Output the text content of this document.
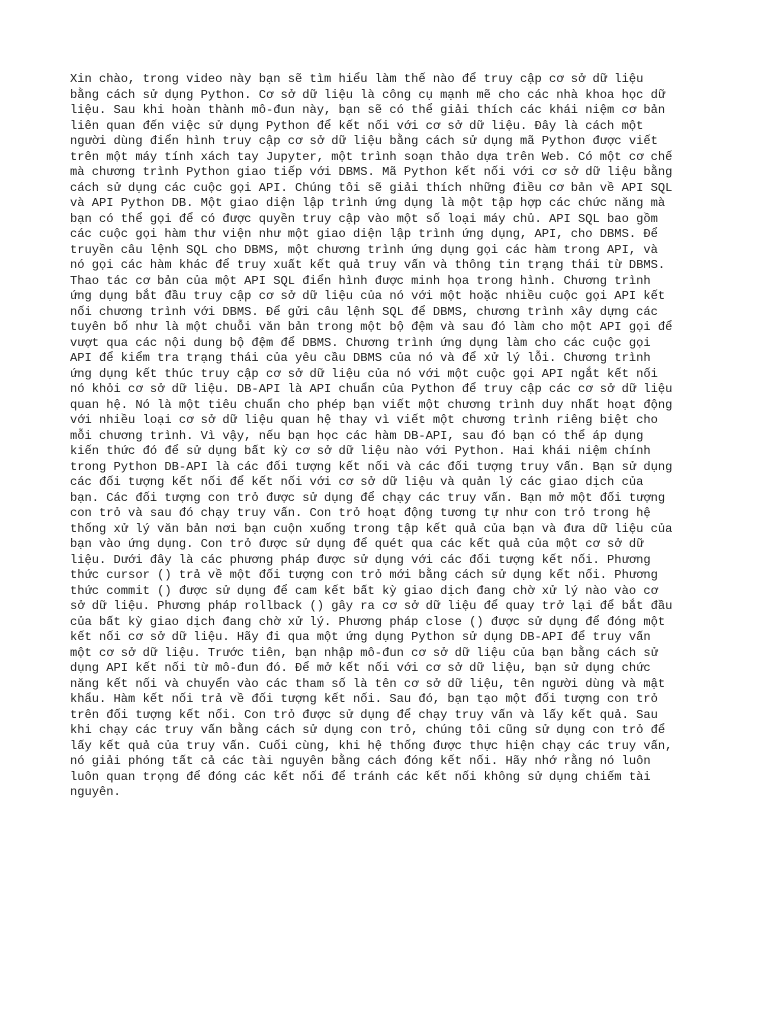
Xin chào, trong video này bạn sẽ tìm hiểu làm thế nào để truy cập cơ sở dữ liệu
bằng cách sử dụng Python. Cơ sở dữ liệu là công cụ mạnh mẽ cho các nhà khoa học dữ
liệu. Sau khi hoàn thành mô-đun này, bạn sẽ có thể giải thích các khái niệm cơ bản
liên quan đến việc sử dụng Python để kết nối với cơ sở dữ liệu. Đây là cách một
người dùng điển hình truy cập cơ sở dữ liệu bằng cách sử dụng mã Python được viết
trên một máy tính xách tay Jupyter, một trình soạn thảo dựa trên Web. Có một cơ chế
mà chương trình Python giao tiếp với DBMS. Mã Python kết nối với cơ sở dữ liệu bằng
cách sử dụng các cuộc gọi API. Chúng tôi sẽ giải thích những điều cơ bản về API SQL
và API Python DB. Một giao diện lập trình ứng dụng là một tập hợp các chức năng mà
bạn có thể gọi để có được quyền truy cập vào một số loại máy chủ. API SQL bao gồm
các cuộc gọi hàm thư viện như một giao diện lập trình ứng dụng, API, cho DBMS. Để
truyền câu lệnh SQL cho DBMS, một chương trình ứng dụng gọi các hàm trong API, và
nó gọi các hàm khác để truy xuất kết quả truy vấn và thông tin trạng thái từ DBMS.
Thao tác cơ bản của một API SQL điển hình được minh họa trong hình. Chương trình
ứng dụng bắt đầu truy cập cơ sở dữ liệu của nó với một hoặc nhiều cuộc gọi API kết
nối chương trình với DBMS. Để gửi câu lệnh SQL để DBMS, chương trình xây dựng các
tuyên bố như là một chuỗi văn bản trong một bộ đệm và sau đó làm cho một API gọi để
vượt qua các nội dung bộ đệm để DBMS. Chương trình ứng dụng làm cho các cuộc gọi
API để kiểm tra trạng thái của yêu cầu DBMS của nó và để xử lý lỗi. Chương trình
ứng dụng kết thúc truy cập cơ sở dữ liệu của nó với một cuộc gọi API ngắt kết nối
nó khỏi cơ sở dữ liệu. DB-API là API chuẩn của Python để truy cập các cơ sở dữ liệu
quan hệ. Nó là một tiêu chuẩn cho phép bạn viết một chương trình duy nhất hoạt động
với nhiều loại cơ sở dữ liệu quan hệ thay vì viết một chương trình riêng biệt cho
mỗi chương trình. Vì vậy, nếu bạn học các hàm DB-API, sau đó bạn có thể áp dụng
kiến thức đó để sử dụng bất kỳ cơ sở dữ liệu nào với Python. Hai khái niệm chính
trong Python DB-API là các đối tượng kết nối và các đối tượng truy vấn. Bạn sử dụng
các đối tượng kết nối để kết nối với cơ sở dữ liệu và quản lý các giao dịch của
bạn. Các đối tượng con trỏ được sử dụng để chạy các truy vấn. Bạn mở một đối tượng
con trỏ và sau đó chạy truy vấn. Con trỏ hoạt động tương tự như con trỏ trong hệ
thống xử lý văn bản nơi bạn cuộn xuống trong tập kết quả của bạn và đưa dữ liệu của
bạn vào ứng dụng. Con trỏ được sử dụng để quét qua các kết quả của một cơ sở dữ
liệu. Dưới đây là các phương pháp được sử dụng với các đối tượng kết nối. Phương
thức cursor () trả về một đối tượng con trỏ mới bằng cách sử dụng kết nối. Phương
thức commit () được sử dụng để cam kết bất kỳ giao dịch đang chờ xử lý nào vào cơ
sở dữ liệu. Phương pháp rollback () gây ra cơ sở dữ liệu để quay trở lại để bắt đầu
của bất kỳ giao dịch đang chờ xử lý. Phương pháp close () được sử dụng để đóng một
kết nối cơ sở dữ liệu. Hãy đi qua một ứng dụng Python sử dụng DB-API để truy vấn
một cơ sở dữ liệu. Trước tiên, bạn nhập mô-đun cơ sở dữ liệu của bạn bằng cách sử
dụng API kết nối từ mô-đun đó. Để mở kết nối với cơ sở dữ liệu, bạn sử dụng chức
năng kết nối và chuyển vào các tham số là tên cơ sở dữ liệu, tên người dùng và mật
khẩu. Hàm kết nối trả về đối tượng kết nối. Sau đó, bạn tạo một đối tượng con trỏ
trên đối tượng kết nối. Con trỏ được sử dụng để chạy truy vấn và lấy kết quả. Sau
khi chạy các truy vấn bằng cách sử dụng con trỏ, chúng tôi cũng sử dụng con trỏ để
lấy kết quả của truy vấn. Cuối cùng, khi hệ thống được thực hiện chạy các truy vấn,
nó giải phóng tất cả các tài nguyên bằng cách đóng kết nối. Hãy nhớ rằng nó luôn
luôn quan trọng để đóng các kết nối để tránh các kết nối không sử dụng chiếm tài
nguyên.
